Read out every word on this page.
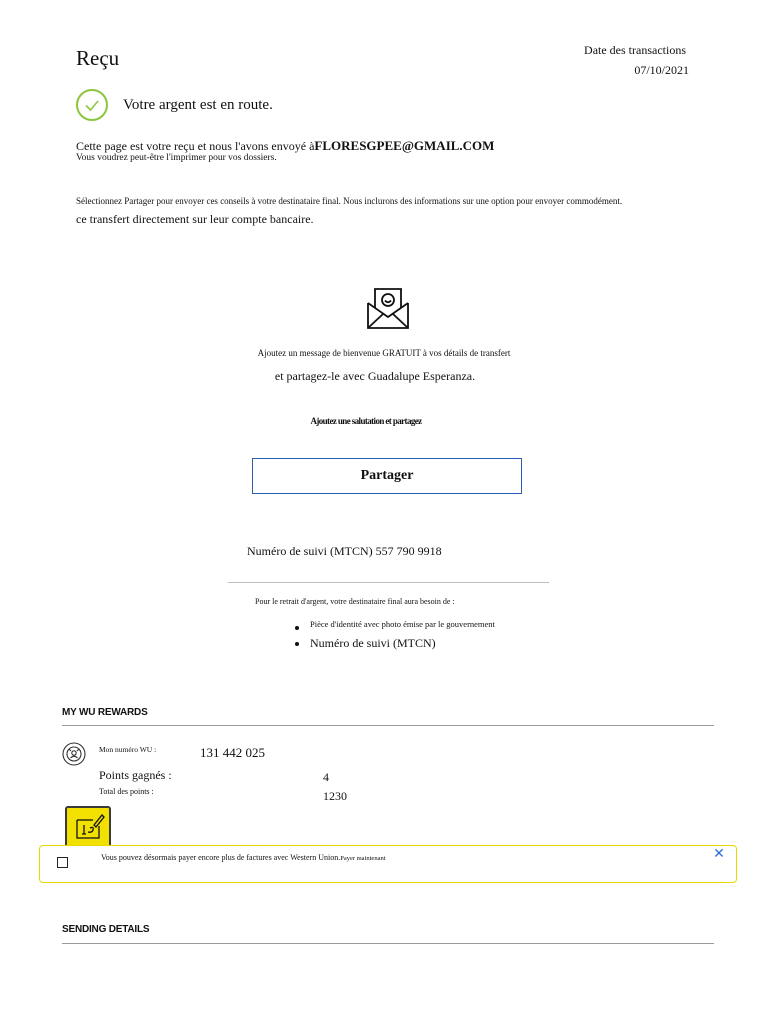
Reçu	Date des transactions
07/10/2021
Votre argent est en route.
Cette page est votre reçu et nous l'avons envoyé àFLORESGPEE@GMAIL.COM
Vous voudrez peut-être l'imprimer pour vos dossiers.
Sélectionnez Partager pour envoyer ces conseils à votre destinataire final. Nous inclurons des informations sur une option pour envoyer commodément.
ce transfert directement sur leur compte bancaire.
Ajoutez un message de bienvenue GRATUIT à vos détails de transfert
et partagez-le avec Guadalupe Esperanza.
Ajoutez une salutation et partagez
Partager
Numéro de suivi (MTCN) 557 790 9918
Pour le retrait d'argent, votre destinataire final aura besoin de :
Pièce d'identité avec photo émise par le gouvernement
Numéro de suivi (MTCN)
MY WU REWARDS
Mon numéro WU :	131 442 025
Points gagnés :	4
Total des points :	1230
Vous pouvez désormais payer encore plus de factures avec Western Union.Payer maintenant	✕
SENDING DETAILS
